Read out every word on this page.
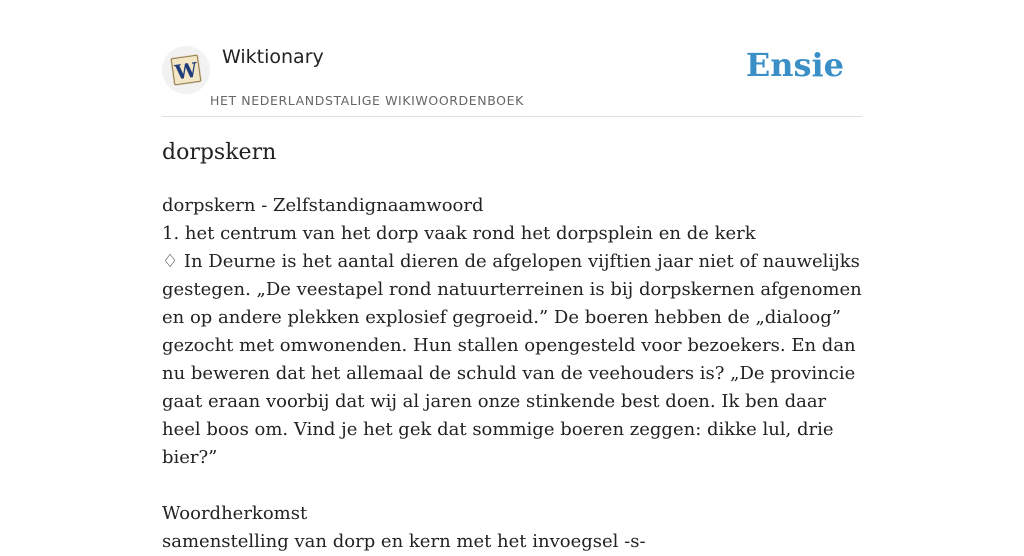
W
Wiktionary
HET NEDERLANDSTALIGE WIKIWOORDENBOEK
Ensie
dorpskern

dorpskern - Zelfstandignaamwoord

1. het centrum van het dorp vaak rond het dorpsplein en de kerk

♢ In Deurne is het aantal dieren de afgelopen vijftien jaar niet of nauwelijks gestegen. „De veestapel rond natuurterreinen is bij dorpskernen afgenomen en op andere plekken explosief gegroeid.” De boeren hebben de „dialoog” gezocht met omwonenden. Hun stallen opengesteld voor bezoekers. En dan nu beweren dat het allemaal de schuld van de veehouders is? „De provincie gaat eraan voorbij dat wij al jaren onze stinkende best doen. Ik ben daar heel boos om. Vind je het gek dat sommige boeren zeggen: dikke lul, drie bier?”

Woordherkomst

samenstelling van dorp en kern met het invoegsel -s-
